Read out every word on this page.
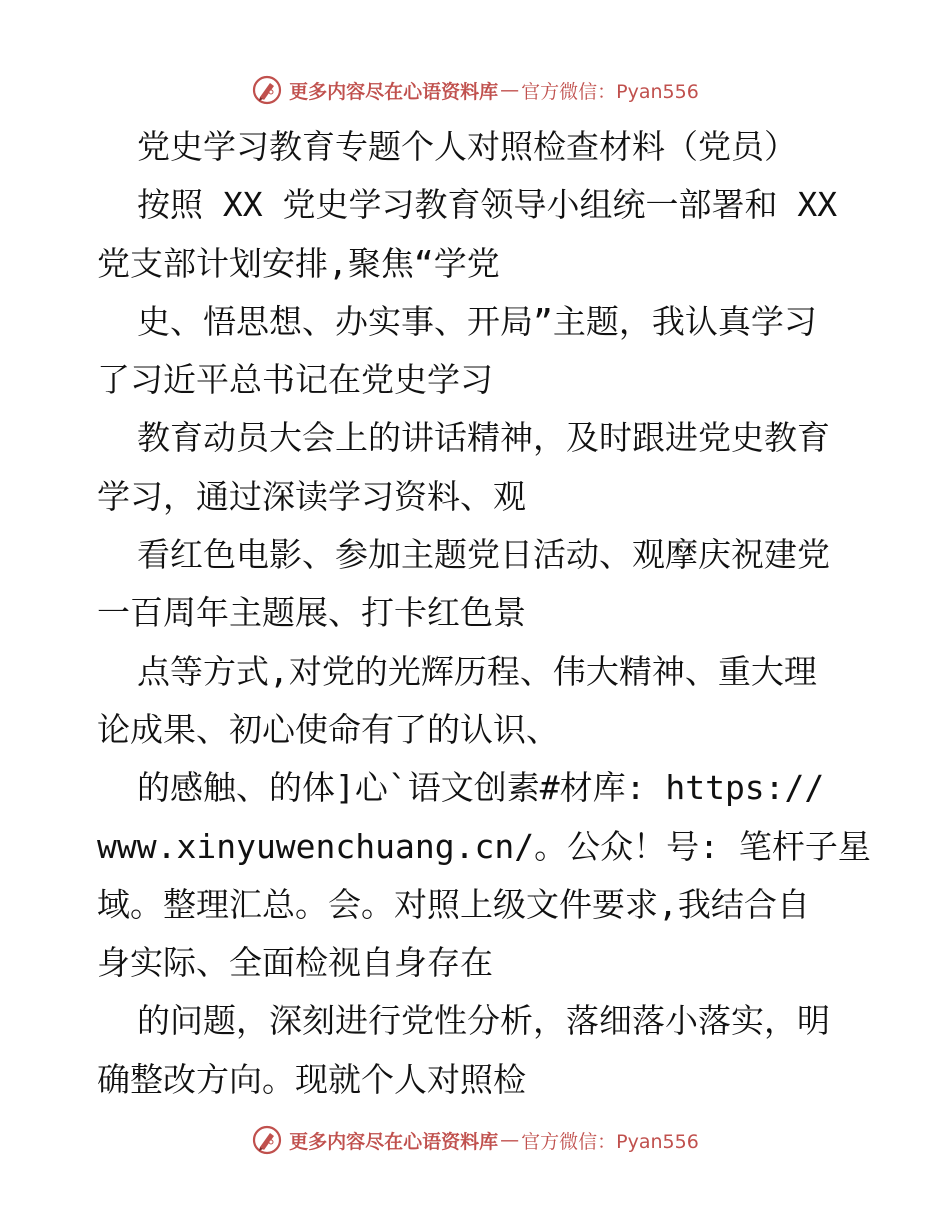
更多内容尽在心语资料库 — 官方微信：Pyan556
党史学习教育专题个人对照检查材料（党员）
按照 XX 党史学习教育领导小组统一部署和 XX
党支部计划安排,聚焦“学党
史、悟思想、办实事、开局”主题，我认真学习
了习近平总书记在党史学习
教育动员大会上的讲话精神，及时跟进党史教育
学习，通过深读学习资料、观
看红色电影、参加主题党日活动、观摩庆祝建党
一百周年主题展、打卡红色景
点等方式,对党的光辉历程、伟大精神、重大理
论成果、初心使命有了的认识、
的感触、的体]心`语文创素#材库: https://
www.xinyuwenchuang.cn/。公众！号: 笔杆子星
域。整理汇总。会。对照上级文件要求,我结合自
身实际、全面检视自身存在
的问题，深刻进行党性分析，落细落小落实，明
确整改方向。现就个人对照检
更多内容尽在心语资料库 — 官方微信：Pyan556
